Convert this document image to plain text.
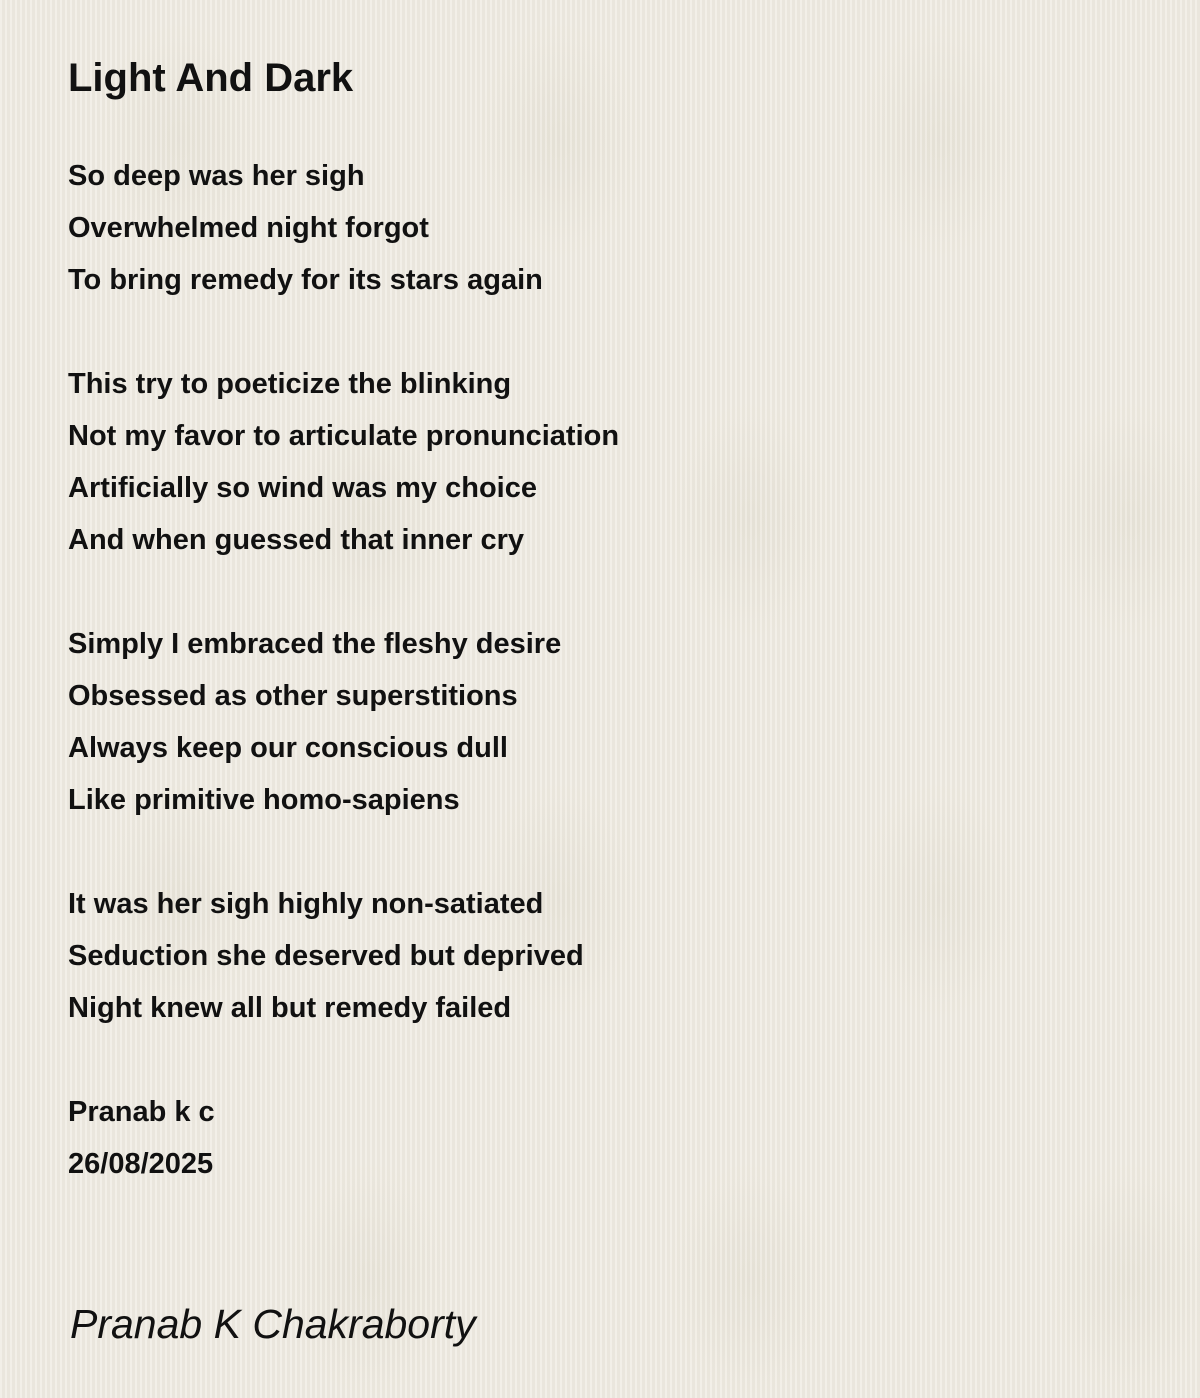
Light And Dark
So deep was her sigh
Overwhelmed night forgot
To bring remedy for its stars again
This try to poeticize the blinking
Not my favor to articulate pronunciation
Artificially so wind was my choice
And when guessed that inner cry
Simply I embraced the fleshy desire
Obsessed as other superstitions
Always keep our conscious dull
Like primitive homo-sapiens
It was her sigh highly non-satiated
Seduction she deserved but deprived
Night knew all but remedy failed
Pranab k c
26/08/2025
Pranab K Chakraborty
